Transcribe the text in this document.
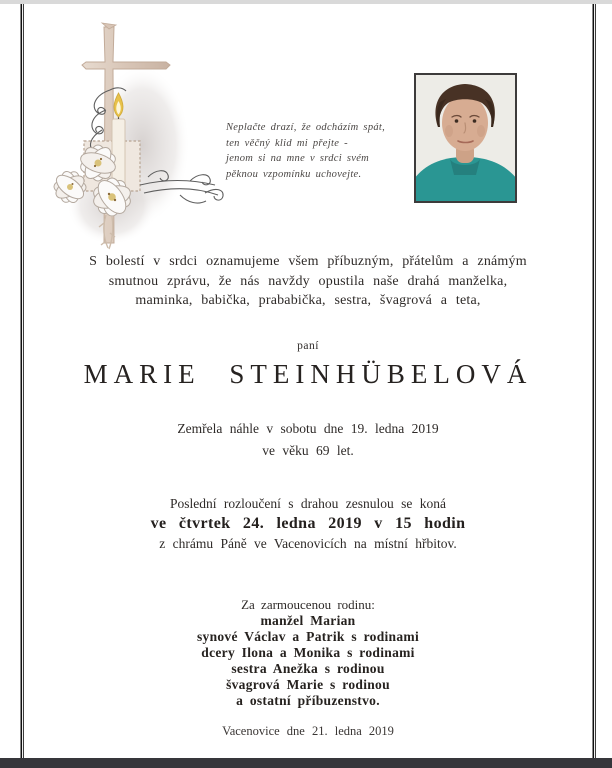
Neplačte drazí, že odcházím spát,
ten věčný klid mi přejte -
jenom si na mne v srdci svém
pěknou vzpomínku uchovejte.
S bolestí v srdci oznamujeme všem příbuzným, přátelům a známým
smutnou zprávu, že nás navždy opustila naše drahá manželka,
maminka, babička, prababička, sestra, švagrová a teta,
paní
MARIE STEINHÜBELOVÁ
Zemřela náhle v sobotu dne 19. ledna 2019
ve věku 69 let.
Poslední rozloučení s drahou zesnulou se koná
ve čtvrtek 24. ledna 2019 v 15 hodin
z chrámu Páně ve Vacenovicích na místní hřbitov.
Za zarmoucenou rodinu:
manžel Marian
synové Václav a Patrik s rodinami
dcery Ilona a Monika s rodinami
sestra Anežka s rodinou
švagrová Marie s rodinou
a ostatní příbuzenstvo.
Vacenovice dne 21. ledna 2019
